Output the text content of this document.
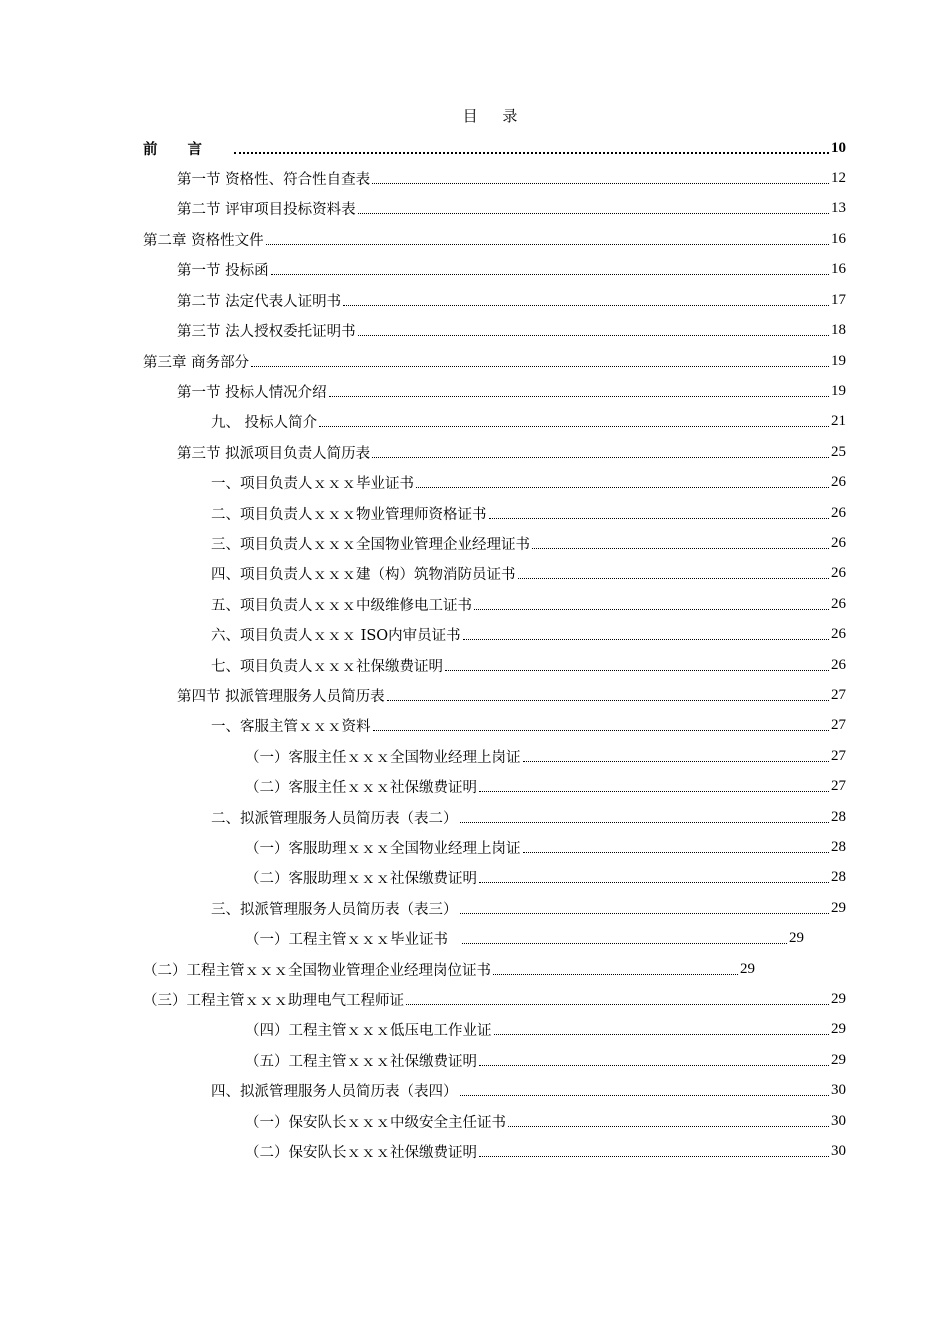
目 录
前言	10
第一节 资格性、符合性自查表	12
第二节 评审项目投标资料表	13
第二章 资格性文件	16
第一节 投标函	16
第二节 法定代表人证明书	17
第三节 法人授权委托证明书	18
第三章 商务部分	19
第一节 投标人情况介绍	19
九、 投标人简介	21
第三节 拟派项目负责人简历表	25
一、项目负责人ｘｘｘ毕业证书	26
二、项目负责人ｘｘｘ物业管理师资格证书	26
三、项目负责人ｘｘｘ全国物业管理企业经理证书	26
四、项目负责人ｘｘｘ建（构）筑物消防员证书	26
五、项目负责人ｘｘｘ中级维修电工证书	26
六、项目负责人ｘｘｘ ISO内审员证书	26
七、项目负责人ｘｘｘ社保缴费证明	26
第四节 拟派管理服务人员简历表	27
一、客服主管ｘｘｘ资料	27
（一）客服主任ｘｘｘ全国物业经理上岗证	27
（二）客服主任ｘｘｘ社保缴费证明	27
二、拟派管理服务人员简历表（表二）	28
（一）客服助理ｘｘｘ全国物业经理上岗证	28
（二）客服助理ｘｘｘ社保缴费证明	28
三、拟派管理服务人员简历表（表三）	29
（一）工程主管ｘｘｘ毕业证书	29
（二）工程主管ｘｘｘ全国物业管理企业经理岗位证书	29
（三）工程主管ｘｘｘ助理电气工程师证	29
（四）工程主管ｘｘｘ低压电工作业证	29
（五）工程主管ｘｘｘ社保缴费证明	29
四、拟派管理服务人员简历表（表四）	30
（一）保安队长ｘｘｘ中级安全主任证书	30
（二）保安队长ｘｘｘ社保缴费证明	30
